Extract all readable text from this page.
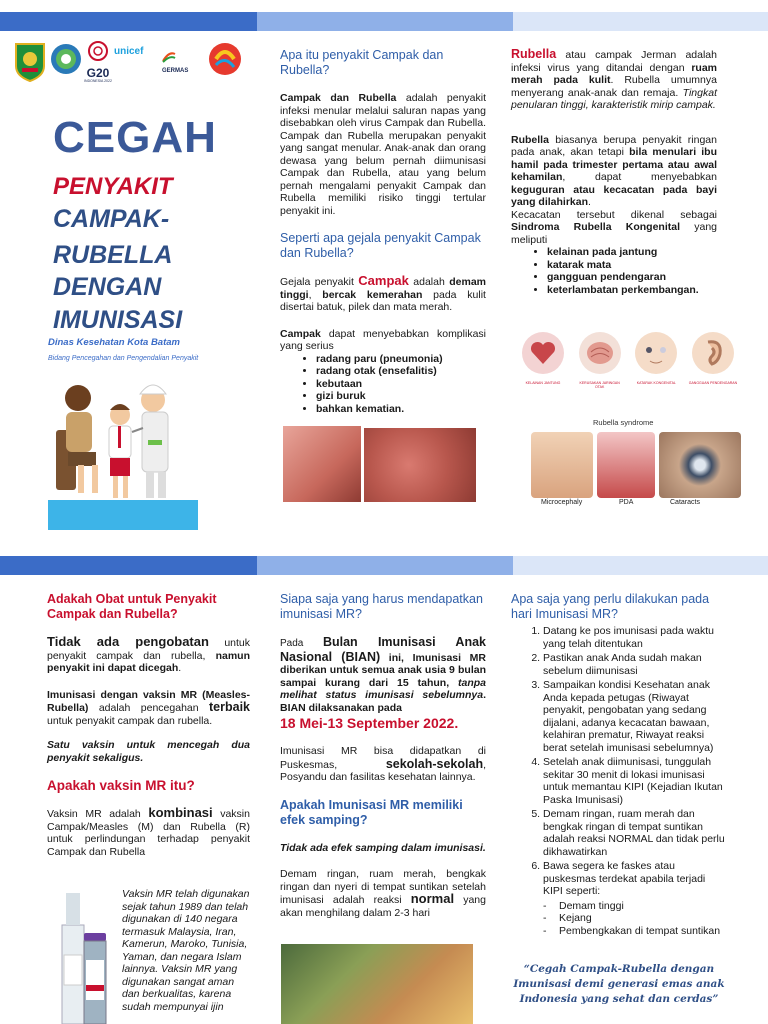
G20
INDONESIA 2022
unicef

$^{GERMAS}$
CEGAH
PENYAKIT
CAMPAK-
RUBELLA
DENGAN
IMUNISASI
Dinas Kesehatan Kota Batam
Bidang Pencegahan dan Pengendalian Penyakit
Apa itu penyakit Campak dan Rubella?
Campak dan Rubella adalah penyakit infeksi menular melalui saluran napas yang disebabkan oleh virus Campak dan Rubella. Campak dan Rubella merupakan penyakit yang sangat menular. Anak-anak dan orang dewasa yang belum pernah diimunisasi Campak dan Rubella, atau yang belum pernah mengalami penyakit Campak dan Rubella memiliki risiko tinggi tertular penyakit ini.
Seperti apa gejala penyakit Campak dan Rubella?
Gejala penyakit Campak adalah demam tinggi, bercak kemerahan pada kulit disertai batuk, pilek dan mata merah.
Campak dapat menyebabkan komplikasi yang serius
• radang paru (pneumonia)
• radang otak (ensefalitis)
• kebutaan
• gizi buruk
• bahkan kematian.
Rubella atau campak Jerman adalah infeksi virus yang ditandai dengan ruam merah pada kulit. Rubella umumnya menyerang anak-anak dan remaja. Tingkat penularan tinggi, karakteristik mirip campak.
Rubella biasanya berupa penyakit ringan pada anak, akan tetapi bila menulari ibu hamil pada trimester pertama atau awal kehamilan, dapat menyebabkan keguguran atau kecacatan pada bayi yang dilahirkan.
Kecacatan tersebut dikenal sebagai Sindroma Rubella Kongenital yang meliputi
• kelainan pada jantung
• katarak mata
• gangguan pendengaran
• keterlambatan perkembangan.
KELAINAN JANTUNG	KERUSAKAN JARINGAN OTAK
KATARAK KONGENITAL	GANGGUAN PENDENGARAN
Rubella syndrome
Microcephaly	PDA	Cataracts
Adakah Obat untuk Penyakit Campak dan Rubella?
Tidak ada pengobatan untuk penyakit campak dan rubella, namun penyakit ini dapat dicegah.
Imunisasi dengan vaksin MR (Measles-Rubella) adalah pencegahan terbaik untuk penyakit campak dan rubella.
Satu vaksin untuk mencegah dua penyakit sekaligus.
Apakah vaksin MR itu?
Vaksin MR adalah kombinasi vaksin Campak/Measles (M) dan Rubella (R) untuk perlindungan terhadap penyakit Campak dan Rubella
Vaksin MR telah digunakan sejak tahun 1989 dan telah digunakan di 140 negara termasuk Malaysia, Iran, Kamerun, Maroko, Tunisia, Yaman, dan negara Islam lainnya. Vaksin MR yang digunakan sangat aman dan berkualitas, karena sudah mempunyai ijin
Siapa saja yang harus mendapatkan imunisasi MR?
Pada Bulan Imunisasi Anak Nasional (BIAN) ini, Imunisasi MR diberikan untuk semua anak usia 9 bulan sampai kurang dari 15 tahun, tanpa melihat status imunisasi sebelumnya. BIAN dilaksanakan pada
18 Mei-13 September 2022.
Imunisasi MR bisa didapatkan di Puskesmas, sekolah-sekolah, Posyandu dan fasilitas kesehatan lainnya.
Apakah Imunisasi MR memiliki efek samping?
Tidak ada efek samping dalam imunisasi.
Demam ringan, ruam merah, bengkak ringan dan nyeri di tempat suntikan setelah imunisasi adalah reaksi normal yang akan menghilang dalam 2-3 hari
Apa saja yang perlu dilakukan pada hari Imunisasi MR?
1. Datang ke pos imunisasi pada waktu yang telah ditentukan
2. Pastikan anak Anda sudah makan sebelum diimunisasi
3. Sampaikan kondisi Kesehatan anak Anda kepada petugas (Riwayat penyakit, pengobatan yang sedang dijalani, adanya kecacatan bawaan, kelahiran prematur, Riwayat reaksi berat setelah imunisasi sebelumnya)
4. Setelah anak diimunisasi, tunggulah sekitar 30 menit di lokasi imunisasi untuk memantau KIPI (Kejadian Ikutan Paska Imunisasi)
5. Demam ringan, ruam merah dan bengkak ringan di tempat suntikan adalah reaksi NORMAL dan tidak perlu dikhawatirkan
6. Bawa segera ke faskes atau puskesmas terdekat apabila terjadi KIPI seperti:
-	Demam tinggi
-	Kejang
-	Pembengkakan di tempat suntikan
“Cegah Campak-Rubella dengan
Imunisasi demi generasi emas anak
Indonesia yang sehat dan cerdas”
